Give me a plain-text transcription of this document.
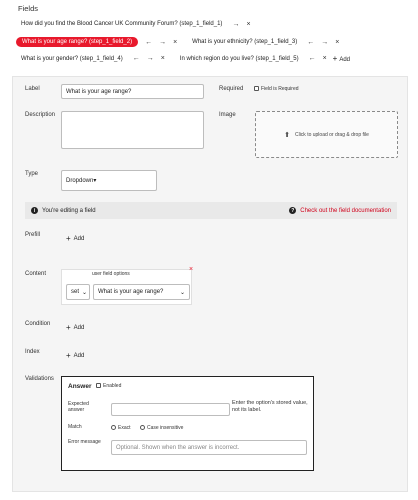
Fields
How did you find the Blood Cancer UK Community Forum? (step_1_field_1)	→ ×
What is your age range? (step_1_field_2)	← → ×	What is your ethnicity? (step_1_field_3)	← → ×
What is your gender? (step_1_field_4)	← → ×	In which region do you live? (step_1_field_5)	← × + Add
Label	What is your age range?	Required	Field is Required
Description	Image
⬆ Click to upload or drag & drop file
Type
Dropdown ▾
i	You're editing a field	? Check out the field documentation
Prefill	+ Add
Content	user field options
×
set ⌄ What is your age range?	⌄
Condition + Add
Index	+ Add
Validations
Answer	Enabled
Expected answer
Enter the option's stored value, not its label.
Match	Exact	Case insensitive
Error message
Optional. Shown when the answer is incorrect.
